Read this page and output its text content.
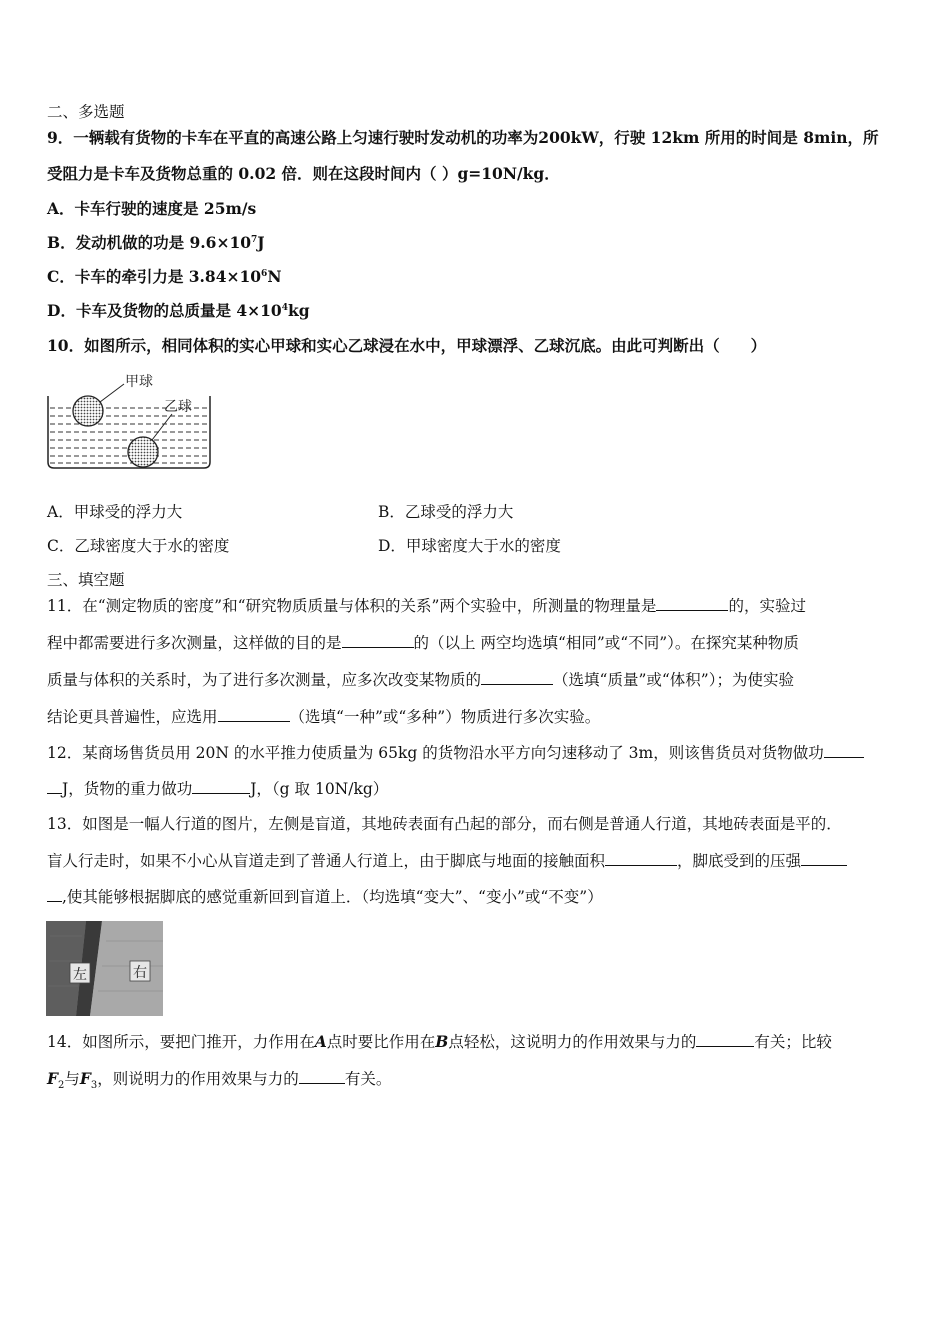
二、多选题
9．一辆载有货物的卡车在平直的高速公路上匀速行驶时发动机的功率为200kW，行驶 12km 所用的时间是 8min，所
受阻力是卡车及货物总重的 0.02 倍．则在这段时间内（ ）g=10N/kg．
A．卡车行驶的速度是 25m/s
B．发动机做的功是 $9.6\times 10^7J$
C．卡车的牵引力是 $3.84\times 10^6N$
D．卡车及货物的总质量是 $4\times 10^4kg$
10．如图所示，相同体积的实心甲球和实心乙球浸在水中，甲球漂浮、乙球沉底。由此可判断出（　　）
甲球
乙球
A．甲球受的浮力大	B．乙球受的浮力大
C．乙球密度大于水的密度	D．甲球密度大于水的密度
三、填空题
11．在“测定物质的密度”和“研究物质质量与体积的关系”两个实验中，所测量的物理量是	的，实验过
程中都需要进行多次测量，这样做的目的是	的（以上 两空均选填“相同”或“不同”）。在探究某种物质
质量与体积的关系时，为了进行多次测量，应多次改变某物质的	（选填“质量”或“体积”）；为使实验
结论更具普遍性，应选用	（选填“一种”或“多种”）物质进行多次实验。
12．某商场售货员用 20N 的水平推力使质量为 65kg 的货物沿水平方向匀速移动了 3m，则该售货员对货物做功
J，货物的重力做功	J，（g 取 10N/kg）
13．如图是一幅人行道的图片，左侧是盲道，其地砖表面有凸起的部分，而右侧是普通人行道，其地砖表面是平的．
盲人行走时，如果不小心从盲道走到了普通人行道上，由于脚底与地面的接触面积	，脚底受到的压强
,使其能够根据脚底的感觉重新回到盲道上．（均选填“变大”、“变小”或“不变”）
左	右
14．如图所示，要把门推开，力作用在A点时要比作用在B点轻松，这说明力的作用效果与力的	有关；比较
$F_2$与$F_3$，则说明力的作用效果与力的	有关。
